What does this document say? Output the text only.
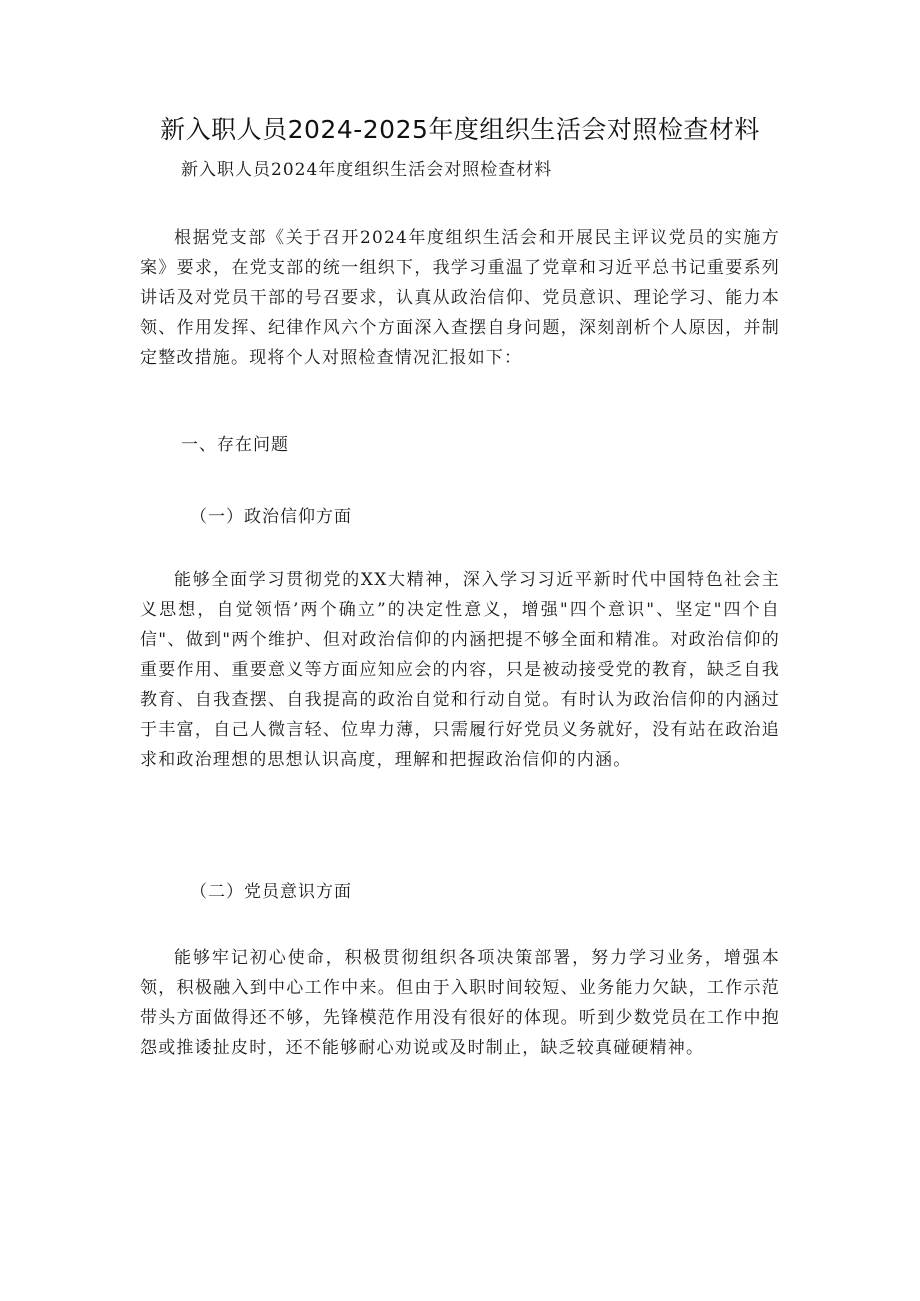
新入职人员2024-2025年度组织生活会对照检查材料

新入职人员2024年度组织生活会对照检查材料

根据党支部《关于召开2024年度组织生活会和开展民主评议党员的实施方案》要求，在党支部的统一组织下，我学习重温了党章和习近平总书记重要系列讲话及对党员干部的号召要求，认真从政治信仰、党员意识、理论学习、能力本领、作用发挥、纪律作风六个方面深入查摆自身问题，深刻剖析个人原因，并制定整改措施。现将个人对照检查情况汇报如下：

一、存在问题
（一）政治信仰方面

能够全面学习贯彻党的XX大精神，深入学习习近平新时代中国特色社会主义思想，自觉领悟’两个确立”的决定性意义，增强"四个意识"、坚定"四个自信"、做到"两个维护、但对政治信仰的内涵把提不够全面和精准。对政治信仰的重要作用、重要意义等方面应知应会的内容，只是被动接受党的教育，缺乏自我教育、自我查摆、自我提高的政治自觉和行动自觉。有时认为政治信仰的内涵过于丰富，自己人微言轻、位卑力薄，只需履行好党员义务就好，没有站在政治追求和政治理想的思想认识高度，理解和把握政治信仰的内涵。

（二）党员意识方面

能够牢记初心使命，积极贯彻组织各项决策部署，努力学习业务，增强本领，积极融入到中心工作中来。但由于入职时间较短、业务能力欠缺，工作示范带头方面做得还不够，先锋模范作用没有很好的体现。听到少数党员在工作中抱怨或推诿扯皮时，还不能够耐心劝说或及时制止，缺乏较真碰硬精神。
